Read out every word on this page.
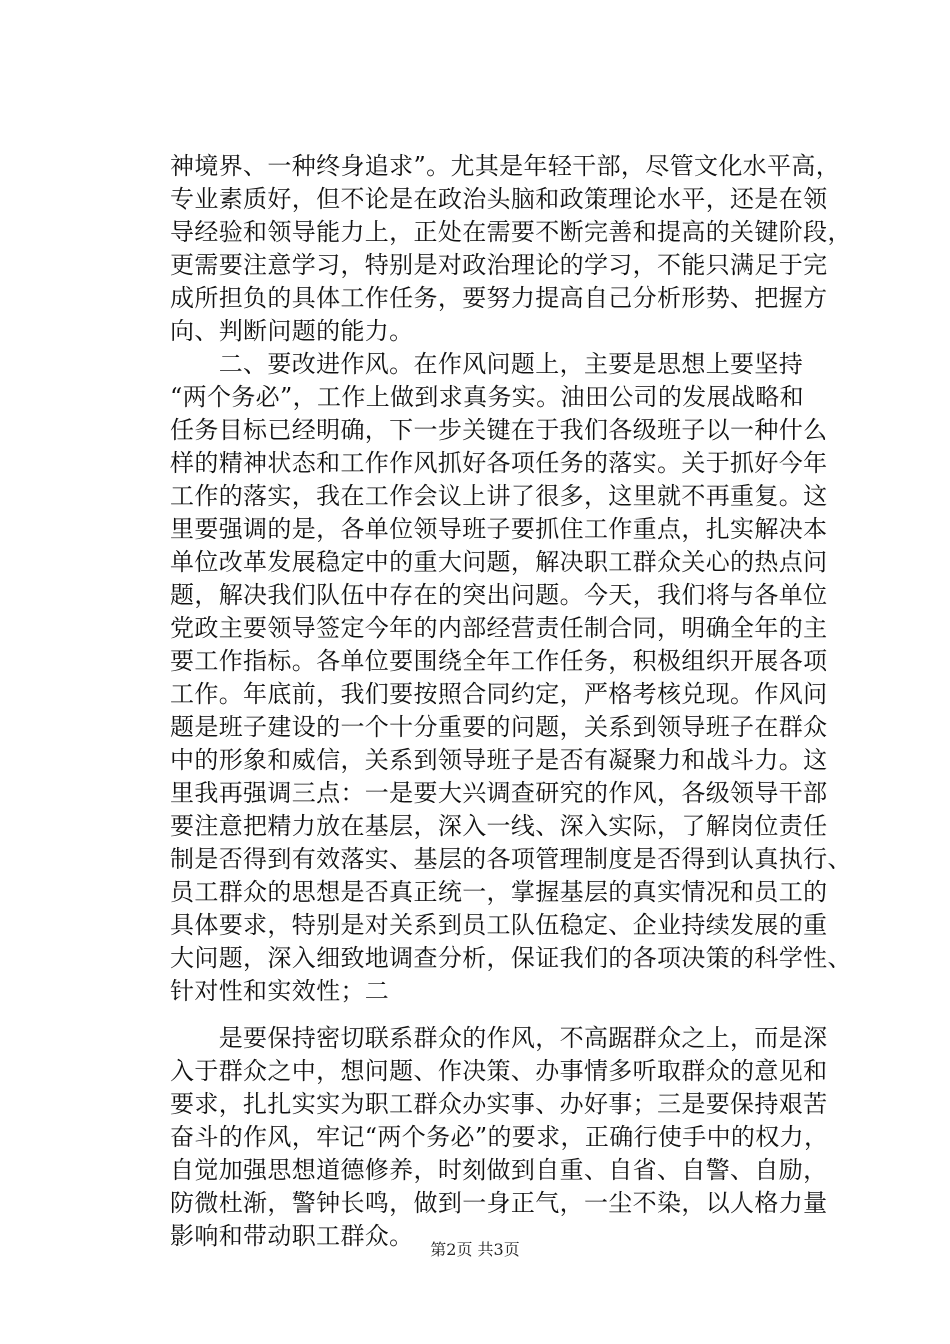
神境界、一种终身追求”。尤其是年轻干部，尽管文化水平高，
专业素质好，但不论是在政治头脑和政策理论水平，还是在领
导经验和领导能力上，正处在需要不断完善和提高的关键阶段，
更需要注意学习，特别是对政治理论的学习，不能只满足于完
成所担负的具体工作任务，要努力提高自己分析形势、把握方
向、判断问题的能力。
　　二、要改进作风。在作风问题上，主要是思想上要坚持
“两个务必”，工作上做到求真务实。油田公司的发展战略和
任务目标已经明确，下一步关键在于我们各级班子以一种什么
样的精神状态和工作作风抓好各项任务的落实。关于抓好今年
工作的落实，我在工作会议上讲了很多，这里就不再重复。这
里要强调的是，各单位领导班子要抓住工作重点，扎实解决本
单位改革发展稳定中的重大问题，解决职工群众关心的热点问
题，解决我们队伍中存在的突出问题。今天，我们将与各单位
党政主要领导签定今年的内部经营责任制合同，明确全年的主
要工作指标。各单位要围绕全年工作任务，积极组织开展各项
工作。年底前，我们要按照合同约定，严格考核兑现。作风问
题是班子建设的一个十分重要的问题，关系到领导班子在群众
中的形象和威信，关系到领导班子是否有凝聚力和战斗力。这
里我再强调三点：一是要大兴调查研究的作风，各级领导干部
要注意把精力放在基层，深入一线、深入实际，了解岗位责任
制是否得到有效落实、基层的各项管理制度是否得到认真执行、
员工群众的思想是否真正统一，掌握基层的真实情况和员工的
具体要求，特别是对关系到员工队伍稳定、企业持续发展的重
大问题，深入细致地调查分析，保证我们的各项决策的科学性、
针对性和实效性；二
　　是要保持密切联系群众的作风，不高踞群众之上，而是深
入于群众之中，想问题、作决策、办事情多听取群众的意见和
要求，扎扎实实为职工群众办实事、办好事；三是要保持艰苦
奋斗的作风，牢记“两个务必”的要求，正确行使手中的权力，
自觉加强思想道德修养，时刻做到自重、自省、自警、自励，
防微杜渐，警钟长鸣，做到一身正气，一尘不染，以人格力量
影响和带动职工群众。	第2页 共3页
